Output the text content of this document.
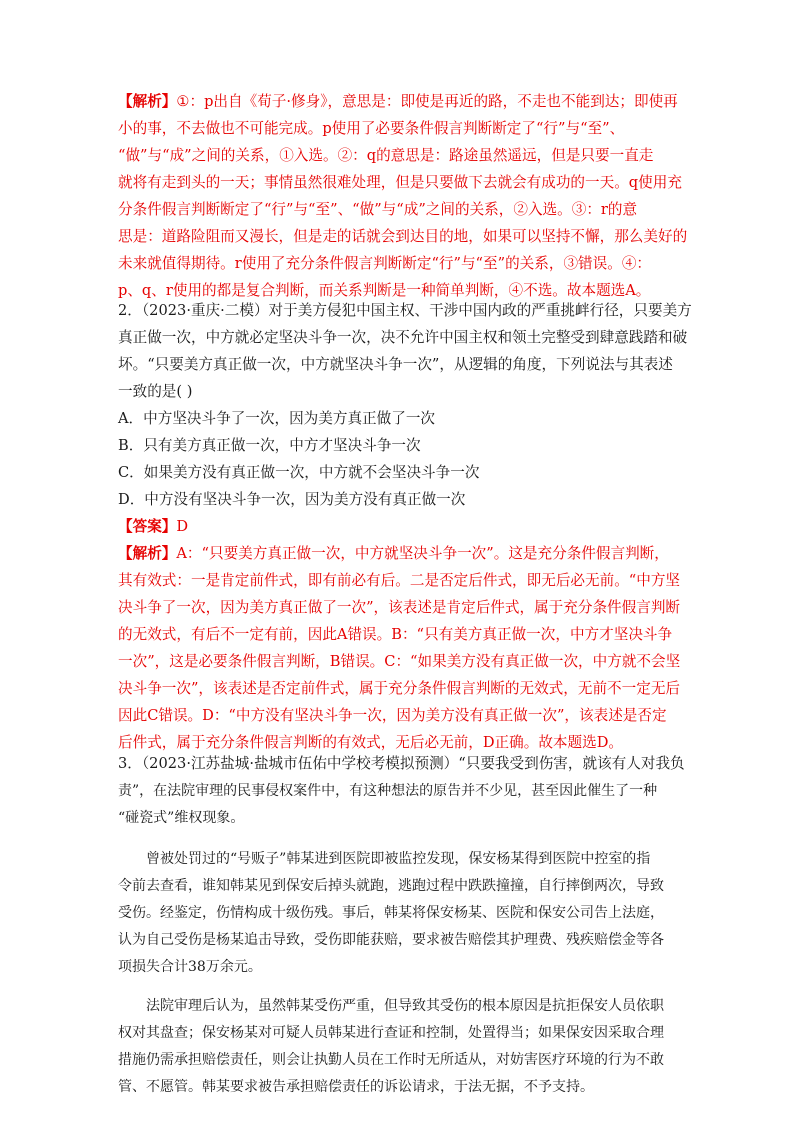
【解析】①：p出自《荀子·修身》，意思是：即使是再近的路，不走也不能到达；即使再
小的事，不去做也不可能完成。p使用了必要条件假言判断断定了“行”与“至”、
“做”与“成”之间的关系，①入选。②：q的意思是：路途虽然遥远，但是只要一直走
就将有走到头的一天；事情虽然很难处理，但是只要做下去就会有成功的一天。q使用充
分条件假言判断断定了“行”与“至”、“做”与“成”之间的关系，②入选。③：r的意
思是：道路险阻而又漫长，但是走的话就会到达目的地，如果可以坚持不懈，那么美好的
未来就值得期待。r使用了充分条件假言判断断定“行”与“至”的关系，③错误。④：
p、q、r使用的都是复合判断，而关系判断是一种简单判断，④不选。故本题选A。
2．（2023·重庆·二模）对于美方侵犯中国主权、干涉中国内政的严重挑衅行径，只要美方
真正做一次，中方就必定坚决斗争一次，决不允许中国主权和领土完整受到肆意践踏和破
坏。“只要美方真正做一次，中方就坚决斗争一次”，从逻辑的角度，下列说法与其表述
一致的是( )
A．中方坚决斗争了一次，因为美方真正做了一次
B．只有美方真正做一次，中方才坚决斗争一次
C．如果美方没有真正做一次，中方就不会坚决斗争一次
D．中方没有坚决斗争一次，因为美方没有真正做一次
【答案】D
【解析】A：“只要美方真正做一次，中方就坚决斗争一次”。这是充分条件假言判断，
其有效式：一是肯定前件式，即有前必有后。二是否定后件式，即无后必无前。“中方坚
决斗争了一次，因为美方真正做了一次”，该表述是肯定后件式，属于充分条件假言判断
的无效式，有后不一定有前，因此A错误。B：“只有美方真正做一次，中方才坚决斗争
一次”，这是必要条件假言判断，B错误。C：“如果美方没有真正做一次，中方就不会坚
决斗争一次”，该表述是否定前件式，属于充分条件假言判断的无效式，无前不一定无后
因此C错误。D：“中方没有坚决斗争一次，因为美方没有真正做一次”，该表述是否定
后件式，属于充分条件假言判断的有效式，无后必无前，D正确。故本题选D。
3．（2023·江苏盐城·盐城市伍佑中学校考模拟预测）“只要我受到伤害，就该有人对我负
责”，在法院审理的民事侵权案件中，有这种想法的原告并不少见，甚至因此催生了一种
“碰瓷式”维权现象。
曾被处罚过的“号贩子”韩某进到医院即被监控发现，保安杨某得到医院中控室的指
令前去查看，谁知韩某见到保安后掉头就跑，逃跑过程中跌跌撞撞，自行摔倒两次，导致
受伤。经鉴定，伤情构成十级伤残。事后，韩某将保安杨某、医院和保安公司告上法庭，
认为自己受伤是杨某追击导致，受伤即能获赔，要求被告赔偿其护理费、残疾赔偿金等各
项损失合计38万余元。
法院审理后认为，虽然韩某受伤严重，但导致其受伤的根本原因是抗拒保安人员依职
权对其盘查；保安杨某对可疑人员韩某进行查证和控制，处置得当；如果保安因采取合理
措施仍需承担赔偿责任，则会让执勤人员在工作时无所适从，对妨害医疗环境的行为不敢
管、不愿管。韩某要求被告承担赔偿责任的诉讼请求，于法无据，不予支持。
